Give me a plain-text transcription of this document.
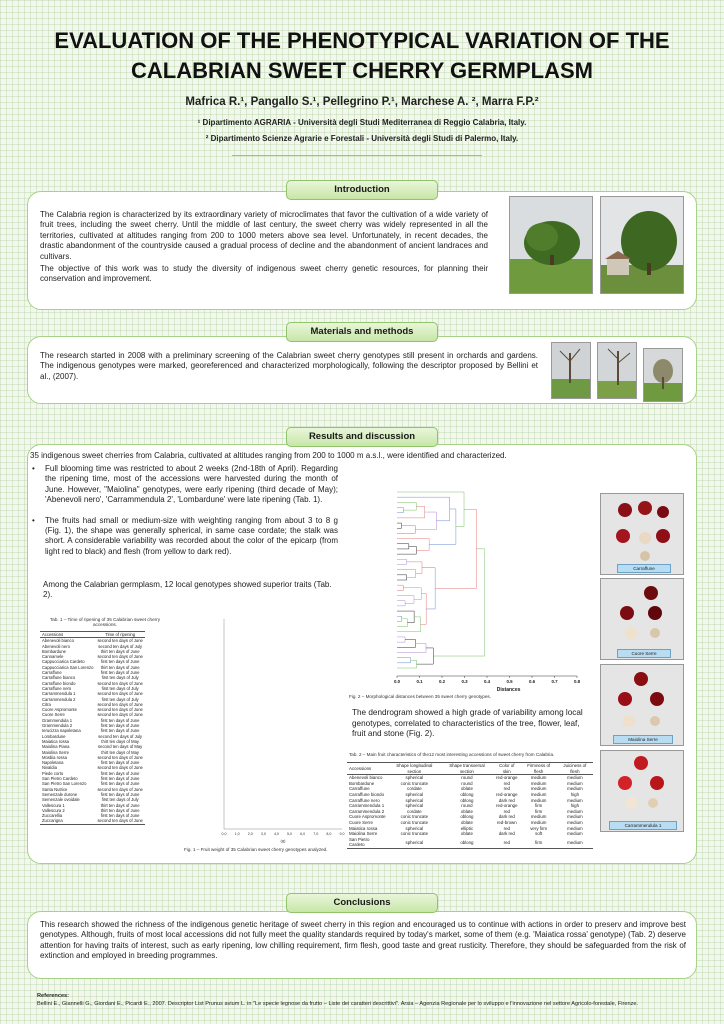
EVALUATION OF THE PHENOTYPICAL VARIATION OF THE CALABRIAN SWEET CHERRY GERMPLASM
Mafrica R.¹, Pangallo S.¹, Pellegrino P.¹, Marchese A. ², Marra F.P.²
¹ Dipartimento AGRARIA - Università degli Studi Mediterranea di Reggio Calabria, Italy.
² Dipartimento Scienze Agrarie e Forestali - Università degli Studi di Palermo, Italy.
Introduction
The Calabria region is characterized by its extraordinary variety of microclimates that favor the cultivation of a wide variety of fruit trees, including the sweet cherry. Until the middle of last century, the sweet cherry was widely represented in all the territories, cultivated at altitudes ranging from 200 to 1000 meters above sea level. Unfortunately, in recent decades, the drastic abandonment of the countryside caused a gradual process of decline and the abandonment of ancient landraces and cultivars.
The objective of this work was to study the diversity of indigenous sweet cherry genetic resources, for planning their conservation and improvement.
Materials and methods
The research started in 2008 with a preliminary screening of the Calabrian sweet cherry genotypes still present in orchards and gardens. The indigenous genotypes were marked, georeferenced and characterized morphologically, following the descriptor proposed by Bellini et al., (2007).
Results and discussion
35 indigenous sweet cherries from Calabria, cultivated at altitudes ranging from 200 to 1000 m a.s.l., were identified and characterized.
•	Full blooming time was restricted to about 2 weeks (2nd-18th of April). Regarding the ripening time, most of the accessions were harvested during the month of June. However, "Maiolina" genotypes, were early ripening (third decade of May); 'Abenevoli nero', 'Carrammendula 2', 'Lombardune' were late ripening (Tab. 1).
•	The fruits had small or medium-size with weighting ranging from about 3 to 8 g (Fig. 1), the shape was generally spherical, in same case cordate; the stalk was short. A considerable variability was recorded about the color of the epicarp (from light red to black) and flesh (from yellow to dark red).
Among the Calabrian germplasm, 12 local genotypes showed superior traits (Tab. 2).
Tab. 1 – Time of ripening of 35 Calabrian sweet cherry accessions.
Accessions	Time of ripening
Abenevoli bianco	second ten days of June
Abenevoli nero	second ten days of July
Bombardune	thirt ten days of June
Cannamele	second ten days of June
Cappucciarica Cardeto	first ten days of June
Cappucciarica San Lorenzo	thirt ten days of June
Carraffune	first ten days of June
Carraffune bianco	first ten days of July
Carraffune biondo	second ten days of June
Carraffune nero	first ten days of July
Carrammendula 1	second ten days of June
Carrammendula 2	first ten days of July
Citra	second ten days of June
Cuore Aspromonte	second ten days of June
Cuore Serre	second ten days of June
Grammendula 1	first ten days of June
Grammendula 2	first ten days of June
Ierucizza napoletana	first ten days of June
Lombardune	second ten days of July
Maiatica rossa	thirt ten days of May
Maiolina Piana	second ten days of May
Maiolina Serre	thirt ten days of May
Mosbia rossa	second ten days of June
Napoletana	first ten days of June
Nivaldia	second ten days of June
Piede corto	first ten days of June
San Pietro Cardeto	first ten days of June
San Pietro San Lorenzo	first ten days of June
Santa Nutrice	second ten days of June
Semenzale durone	first ten days of June
Semenzale ovoidale	first ten days of July
Vallescura 1	thirt ten days of June
Vallescura 2	thirt ten days of June
Zuccarellia	first ten days of June
Zuccarigna	second ten days of June
0,0 1,0 2,0 3,0 4,0 5,0 6,0 7,0 8,0 9,0
(g)
Fig. 1 – Fruit weight of 35 Calabrian sweet cherry genotypes analyzed.
0.0	0.1	0.2	0.3	0.4	0.5	0.6	0.7	0.8
Distances
Fig. 2 – Morphological distances between 35 sweet cherry genotypes.
The dendrogram showed a high grade of variability among local genotypes, correlated to characteristics of the tree, flower, leaf, fruit and stone (Fig. 2).
Tab. 2 – Main fruit characteristics of the12 most interesting accessions of sweet cherry from Calabria.
Accessions	Shape longitudinal section	Shape transversal section	Color of skin	Firmness of flesh	Juiciness of flesh
Abenevoli bianco	spherical	round	red-orange	medium	medium
Bombardune	conic truncate	round	red	medium	medium
Carraffune	cordate	oblate	red	medium	medium
Carraffune biondo	spherical	oblong	red-orange	medium	high
Carraffune nero	spherical	oblong	dark red	medium	medium
Carrammendula 1	spherical	round	red-orange	firm	high
Carrammendula 2	cordate	oblate	red	firm	medium
Cuore Aspromonte	conic truncate	oblong	dark red	medium	medium
Cuore Serre	conic truncate	oblate	red-brown	medium	medium
Maiatica rossa	spherical	elliptic	red	very firm	medium
Maiolina Serre	conic truncate	oblate	dark red	soft	medium
San Pietro Cardeto	spherical	oblong	red	firm	medium
Carraffune
Cuore Serre
Maiolina Serre
Carrammendula 1
Conclusions
This research showed the richness of the indigenous genetic heritage of sweet cherry in this region and encouraged us to continue with actions in order to preserv and improve best genotypes. Although, fruits of most local accessions did not fully meet the quality standards required by today's market, some of them (e.g. 'Maiatica rossa' genotype) (Tab. 2) deserve attention for having traits of interest, such as early ripening, low chilling requirement, firm flesh, good taste and great rusticity. Therefore, they should be safeguarded from the risk of extinction and employed in breeding programmes.
References:
Bellini E., Giannelli G., Giordani E., Picardi E., 2007. Descriptor List Prunus avium L. in "Le specie legnose da frutto – Liste dei caratteri descrittivi". Arsia – Agenzia Regionale per lo sviluppo e l'innovazione nel settore Agricolo-forestale, Firenze.
